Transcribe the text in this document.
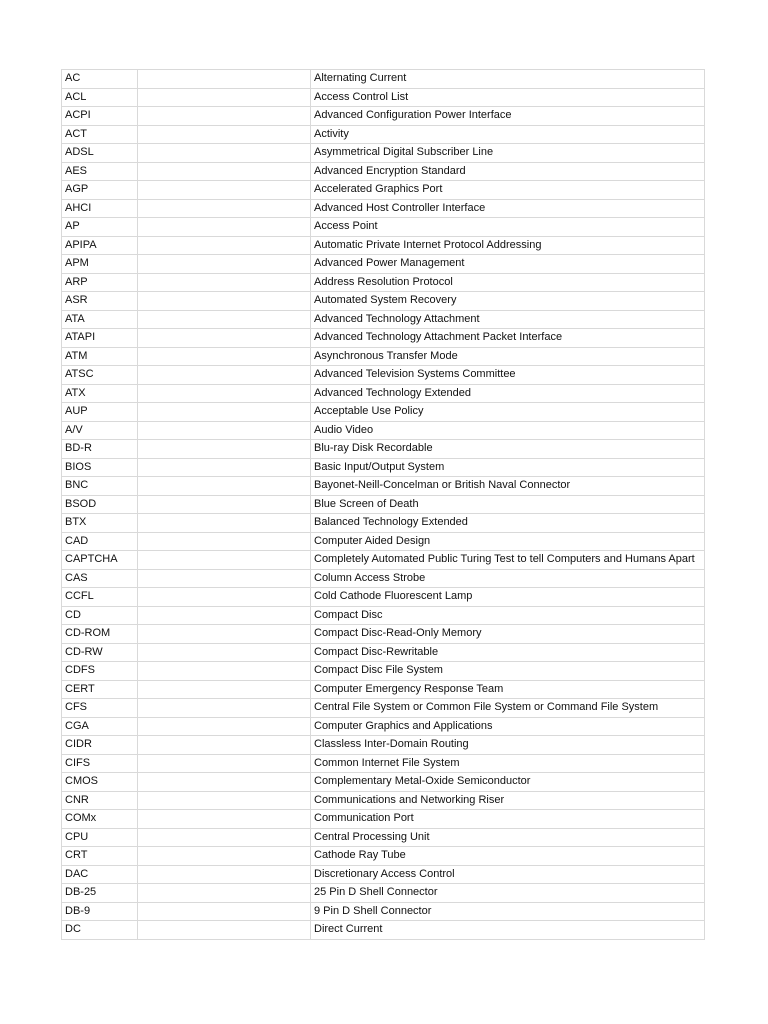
AC		Alternating Current
ACL		Access Control List
ACPI		Advanced Configuration Power Interface
ACT		Activity
ADSL		Asymmetrical Digital Subscriber Line
AES		Advanced Encryption Standard
AGP		Accelerated Graphics Port
AHCI		Advanced Host Controller Interface
AP		Access Point
APIPA		Automatic Private Internet Protocol Addressing
APM		Advanced Power Management
ARP		Address Resolution Protocol
ASR		Automated System Recovery
ATA		Advanced Technology Attachment
ATAPI		Advanced Technology Attachment Packet Interface
ATM		Asynchronous Transfer Mode
ATSC		Advanced Television Systems Committee
ATX		Advanced Technology Extended
AUP		Acceptable Use Policy
A/V		Audio Video
BD-R		Blu-ray Disk Recordable
BIOS		Basic Input/Output System
BNC		Bayonet-Neill-Concelman or British Naval Connector
BSOD		Blue Screen of Death
BTX		Balanced Technology Extended
CAD		Computer Aided Design
CAPTCHA		Completely Automated Public Turing Test to tell Computers and Humans Apart
CAS		Column Access Strobe
CCFL		Cold Cathode Fluorescent Lamp
CD		Compact Disc
CD-ROM		Compact Disc-Read-Only Memory
CD-RW		Compact Disc-Rewritable
CDFS		Compact Disc File System
CERT		Computer Emergency Response Team
CFS		Central File System or Common File System or Command File System
CGA		Computer Graphics and Applications
CIDR		Classless Inter-Domain Routing
CIFS		Common Internet File System
CMOS		Complementary Metal-Oxide Semiconductor
CNR		Communications and Networking Riser
COMx		Communication Port
CPU		Central Processing Unit
CRT		Cathode Ray Tube
DAC		Discretionary Access Control
DB-25		25 Pin D Shell Connector
DB-9		9 Pin D Shell Connector
DC		Direct Current
